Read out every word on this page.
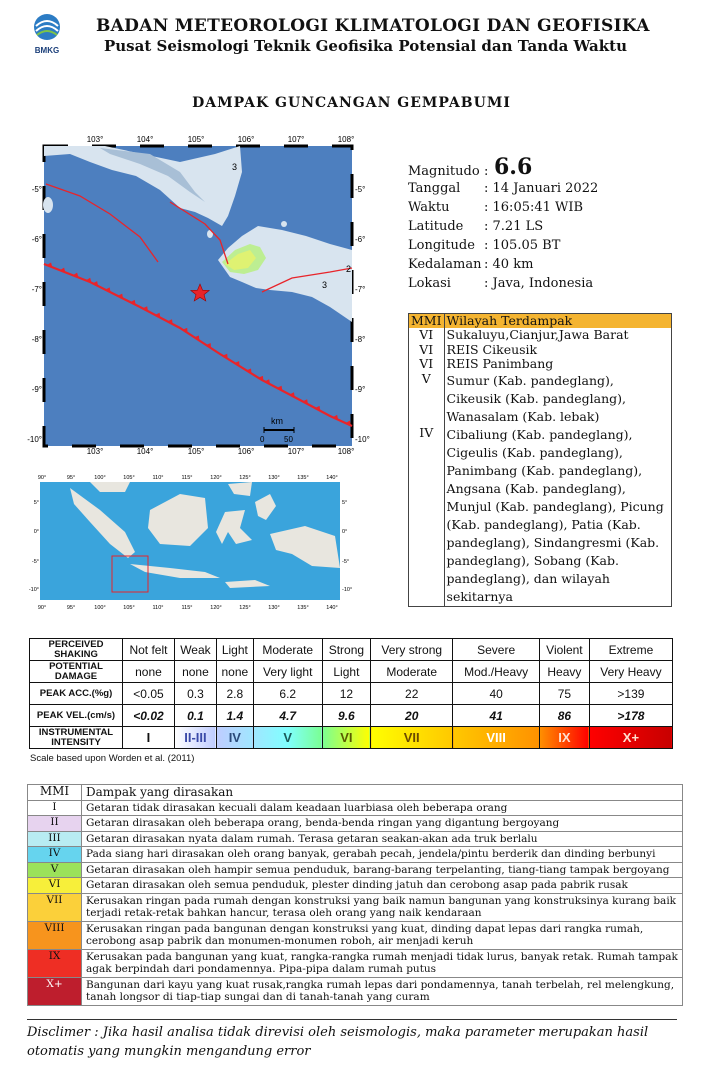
BMKG
BADAN METEOROLOGI KLIMATOLOGI DAN GEOFISIKA
Pusat Seismologi Teknik Geofisika Potensial dan Tanda Waktu
DAMPAK GUNCANGAN GEMPABUMI
3
3
2
km
0 50
103°	104°	105°	106°	107°	108°
103°	104°	105°	106°	107°	108°
-5°
-6°
-7°
-8°
-9°
-10°
-5°
-6°
-7°
-8°
-9°
-10°
90°	95°	100°	105°	110°	115°	120°	125°	130°	135°	140°
90°	95°	100°	105°	110°	115°	120°	125°	130°	135°	140°
5°
0°
-5°
-10°
5°
0°
-5°
-10°
Magnitudo : 6.6
Tanggal : 14 Januari 2022
Waktu	: 16:05:41 WIB
Latitude : 7.21 LS
Longitude : 105.05 BT
Kedalaman : 40 km
Lokasi	: Java, Indonesia
MMI	Wilayah Terdampak
VI	Sukaluyu,Cianjur,Jawa Barat
VI	REIS Cikeusik
VI	REIS Panimbang
V	Sumur (Kab. pandeglang), Cikeusik (Kab. pandeglang), Wanasalam (Kab. lebak)
IV	Cibaliung (Kab. pandeglang), Cigeulis (Kab. pandeglang), Panimbang (Kab. pandeglang), Angsana (Kab. pandeglang), Munjul (Kab. pandeglang), Picung (Kab. pandeglang), Patia (Kab. pandeglang), Sindangresmi (Kab. pandeglang), Sobang (Kab. pandeglang), dan wilayah sekitarnya
PERCEIVED SHAKING	Not felt	Weak	Light	Moderate	Strong	Very strong	Severe	Violent	Extreme
POTENTIAL DAMAGE	none	none	none	Very light	Light	Moderate	Mod./Heavy	Heavy	Very Heavy
PEAK ACC.(%g)	<0.05	0.3	2.8	6.2	12	22	40	75	>139
PEAK VEL.(cm/s)	<0.02	0.1	1.4	4.7	9.6	20	41	86	>178
INSTRUMENTAL INTENSITY	I	II-III	IV	V	VI	VII	VIII	IX	X+
Scale based upon Worden et al. (2011)
MMI	Dampak yang dirasakan
I	Getaran tidak dirasakan kecuali dalam keadaan luarbiasa oleh beberapa orang
II	Getaran dirasakan oleh beberapa orang, benda-benda ringan yang digantung bergoyang
III	Getaran dirasakan nyata dalam rumah. Terasa getaran seakan-akan ada truk berlalu
IV	Pada siang hari dirasakan oleh orang banyak, gerabah pecah, jendela/pintu berderik dan dinding berbunyi
V	Getaran dirasakan oleh hampir semua penduduk, barang-barang terpelanting, tiang-tiang tampak bergoyang
VI	Getaran dirasakan oleh semua penduduk, plester dinding jatuh dan cerobong asap pada pabrik rusak
VII	Kerusakan ringan pada rumah dengan konstruksi yang baik namun bangunan yang konstruksinya kurang baik terjadi retak-retak bahkan hancur, terasa oleh orang yang naik kendaraan
VIII	Kerusakan ringan pada bangunan dengan konstruksi yang kuat, dinding dapat lepas dari rangka rumah, cerobong asap pabrik dan monumen-monumen roboh, air menjadi keruh
IX	Kerusakan pada bangunan yang kuat, rangka-rangka rumah menjadi tidak lurus, banyak retak. Rumah tampak agak berpindah dari pondamennya. Pipa-pipa dalam rumah putus
X+	Bangunan dari kayu yang kuat rusak,rangka rumah lepas dari pondamennya, tanah terbelah, rel melengkung, tanah longsor di tiap-tiap sungai dan di tanah-tanah yang curam
Disclimer : Jika hasil analisa tidak direvisi oleh seismologis, maka parameter merupakan hasil otomatis yang mungkin mengandung error
